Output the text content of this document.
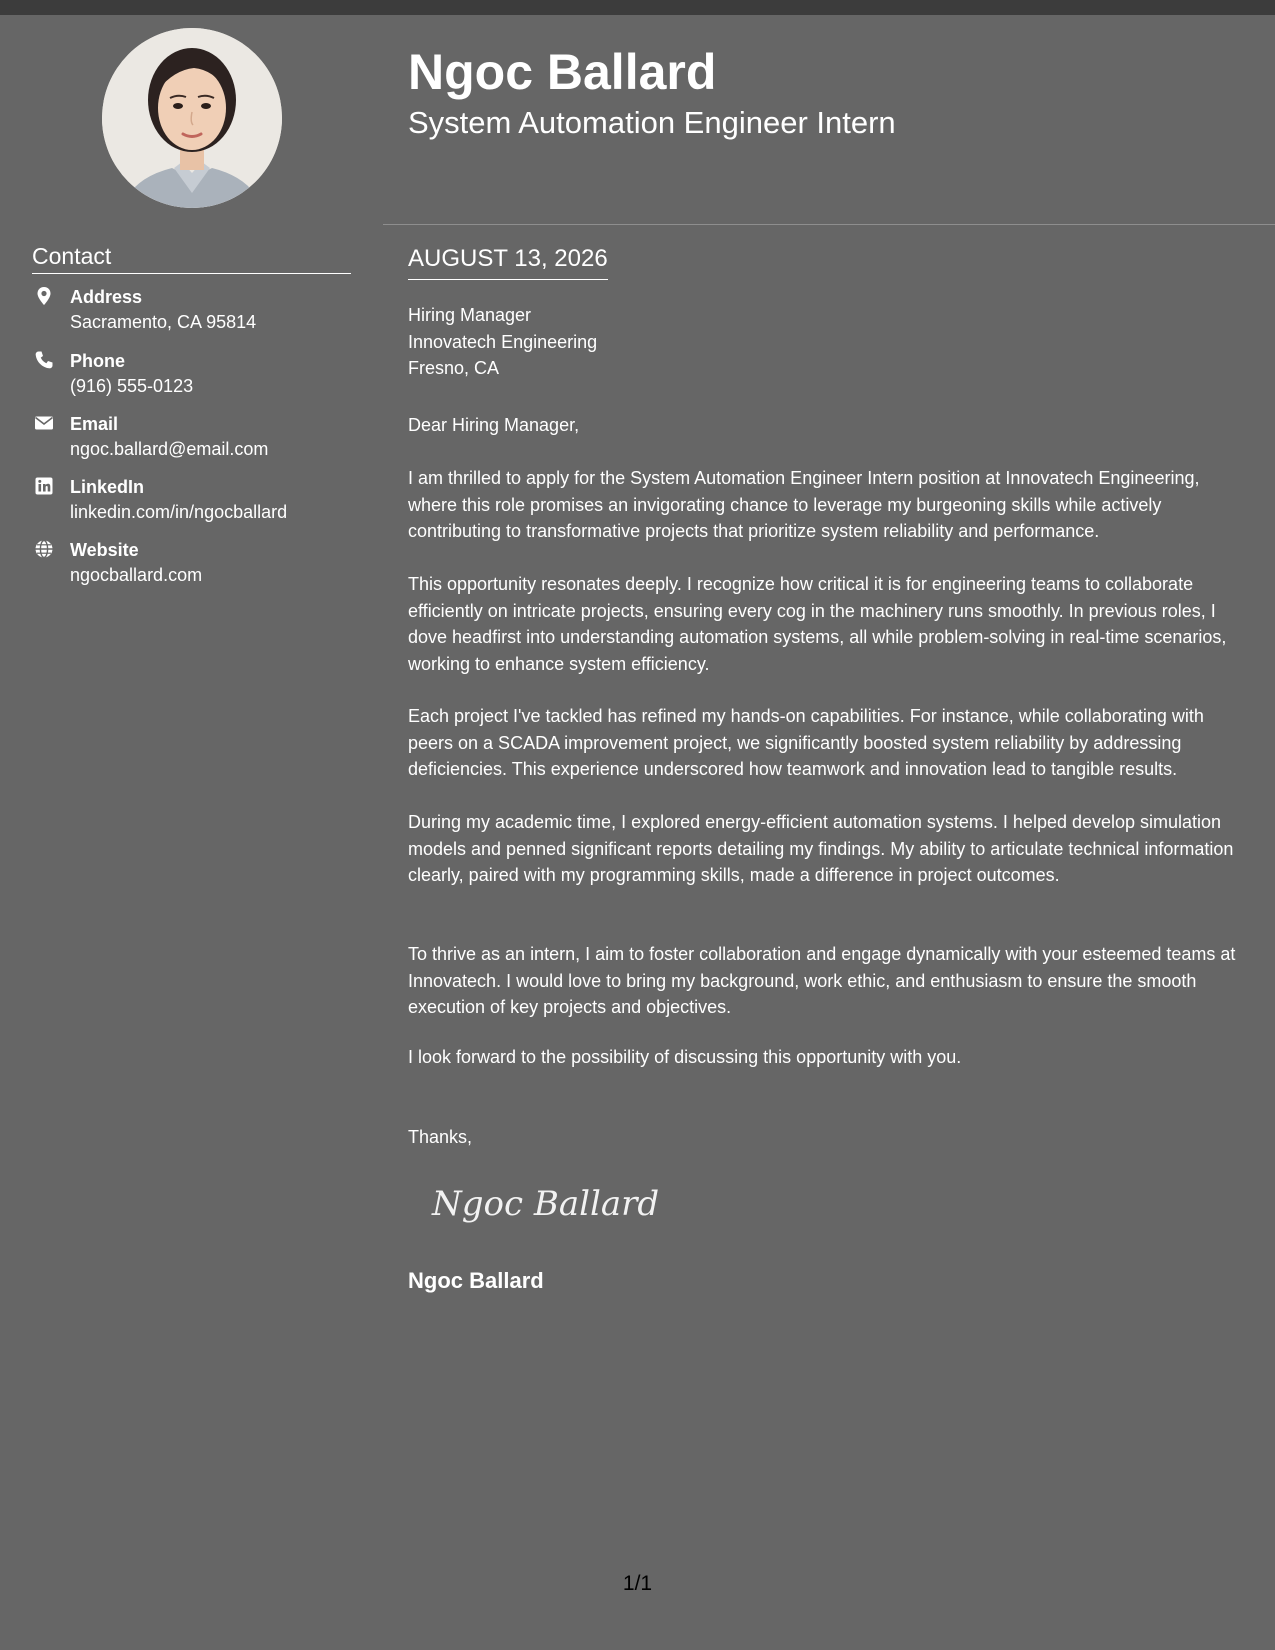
Contact
Address
Sacramento, CA 95814
Phone
(916) 555-0123
Email
ngoc.ballard@email.com
LinkedIn
linkedin.com/in/ngocballard
Website
ngocballard.com
Ngoc Ballard
System Automation Engineer Intern
AUGUST 13, 2026
Hiring Manager
Innovatech Engineering
Fresno, CA

Dear Hiring Manager,

I am thrilled to apply for the System Automation Engineer Intern position at Innovatech Engineering, where this role promises an invigorating chance to leverage my burgeoning skills while actively contributing to transformative projects that prioritize system reliability and performance.

This opportunity resonates deeply. I recognize how critical it is for engineering teams to collaborate efficiently on intricate projects, ensuring every cog in the machinery runs smoothly. In previous roles, I dove headfirst into understanding automation systems, all while problem-solving in real-time scenarios, working to enhance system efficiency.

Each project I've tackled has refined my hands-on capabilities. For instance, while collaborating with peers on a SCADA improvement project, we significantly boosted system reliability by addressing deficiencies. This experience underscored how teamwork and innovation lead to tangible results.

During my academic time, I explored energy-efficient automation systems. I helped develop simulation models and penned significant reports detailing my findings. My ability to articulate technical information clearly, paired with my programming skills, made a difference in project outcomes.

To thrive as an intern, I aim to foster collaboration and engage dynamically with your esteemed teams at Innovatech. I would love to bring my background, work ethic, and enthusiasm to ensure the smooth execution of key projects and objectives.

I look forward to the possibility of discussing this opportunity with you.

Thanks,

Ngoc Ballard
Ngoc Ballard
1/1
